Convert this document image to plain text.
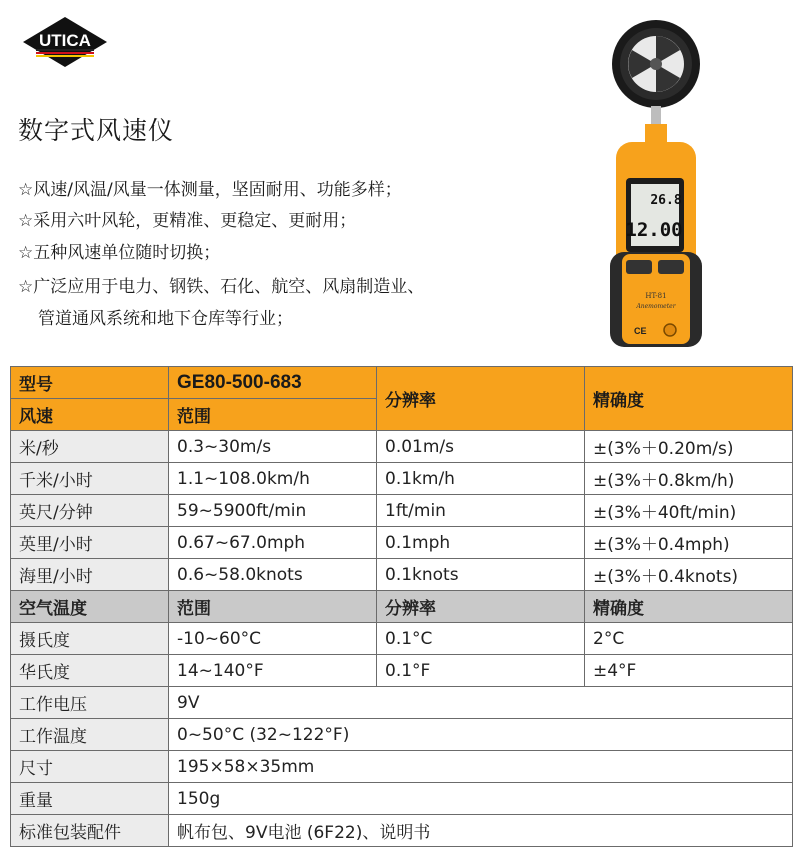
UTICA
数字式风速仪
☆风速/风温/风量一体测量，坚固耐用、功能多样；
☆采用六叶风轮，更精准、更稳定、更耐用；
☆五种风速单位随时切换；
☆广泛应用于电力、钢铁、石化、航空、风扇制造业、
管道通风系统和地下仓库等行业；
26.8
12.00
HT-81
Anemometer
CE
型号	GE80-500-683	分辨率	精确度
风速	范围		
米/秒	0.3~30m/s	0.01m/s	±(3%＋0.20m/s)
千米/小时	1.1~108.0km/h	0.1km/h	±(3%＋0.8km/h)
英尺/分钟	59~5900ft/min	1ft/min	±(3%＋40ft/min)
英里/小时	0.67~67.0mph	0.1mph	±(3%＋0.4mph)
海里/小时	0.6~58.0knots	0.1knots	±(3%＋0.4knots)
空气温度	范围	分辨率	精确度
摄氏度	-10~60°C	0.1°C	2°C
华氏度	14~140°F	0.1°F	±4°F
工作电压	9V		
工作温度	0~50°C (32~122°F)		
尺寸	195×58×35mm		
重量	150g		
标准包装配件	帆布包、9V电池 (6F22)、说明书		
